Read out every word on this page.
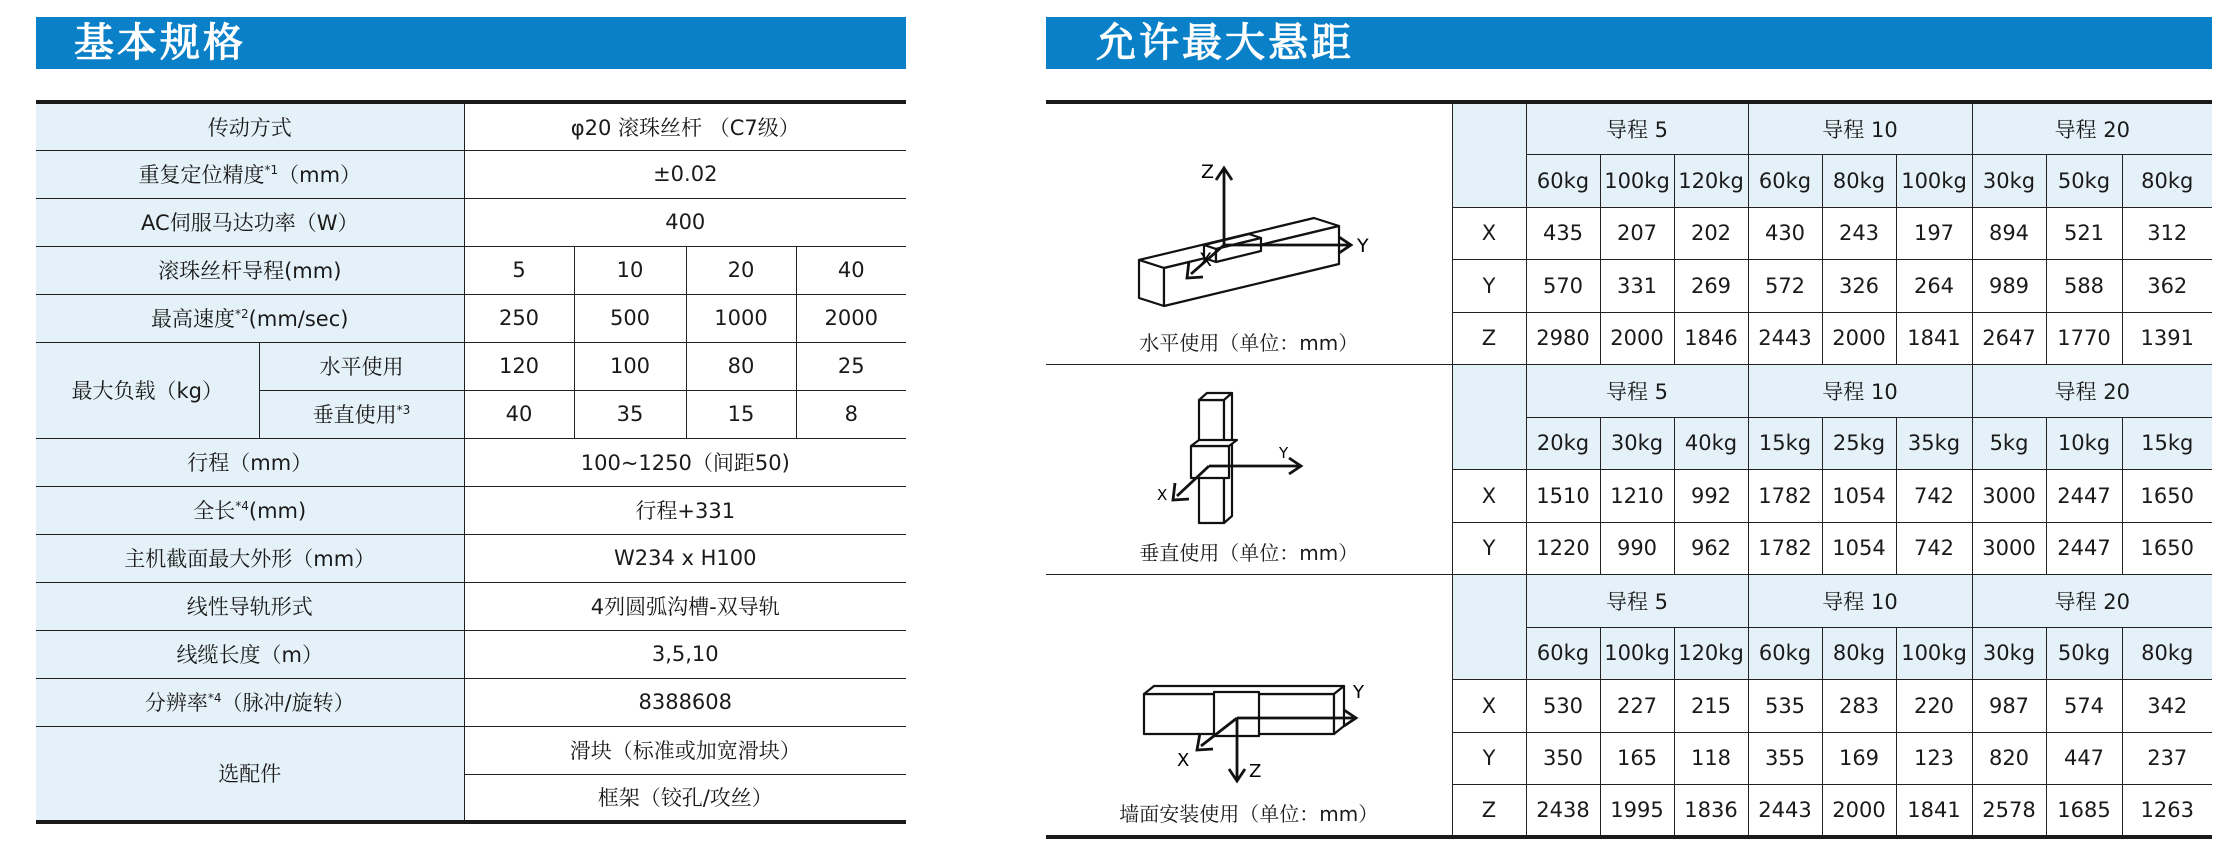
基本规格	允许最大悬距
传动方式		φ20 滚珠丝杆 （C7级）			
重复定位精度$^{*1}$（mm）		±0.02			
AC伺服马达功率（W）		400			
滚珠丝杆导程(mm)		5	10	20	40
最高速度$^{*2}$(mm/sec)		250	500	1000	2000
最大负载（kg）	水平使用	120	100	80	25
	垂直使用$^{*3}$	40	35	15	8
行程（mm）		100~1250（间距50)			
全长$^{*4}$(mm)		行程+331			
主机截面最大外形（mm）		W234 x H100			
线性导轨形式		4列圆弧沟槽-双导轨			
线缆长度（m）		3,5,10			
分辨率$^{*4}$（脉冲/旋转）		8388608			
选配件		滑块（标准或加宽滑块）			
		框架（铰孔/攻丝）			
Z
Y
X
水平使用（单位：mm）		导程 5			导程 10			导程 20		
		60kg	100kg	120kg	60kg	80kg	100kg	30kg	50kg	80kg
	X	435	207	202	430	243	197	894	521	312
	Y	570	331	269	572	326	264	989	588	362
	Z	2980	2000	1846	2443	2000	1841	2647	1770	1391

Y
X
垂直使用（单位：mm）		导程 5			导程 10			导程 20		
		20kg	30kg	40kg	15kg	25kg	35kg	5kg	10kg	15kg
	X	1510	1210	992	1782	1054	742	3000	2447	1650
	Y	1220	990	962	1782	1054	742	3000	2447	1650

Y
X
Z
墙面安装使用（单位：mm）		导程 5			导程 10			导程 20		
		60kg	100kg	120kg	60kg	80kg	100kg	30kg	50kg	80kg
	X	530	227	215	535	283	220	987	574	342
	Y	350	165	118	355	169	123	820	447	237
	Z	2438	1995	1836	2443	2000	1841	2578	1685	1263
